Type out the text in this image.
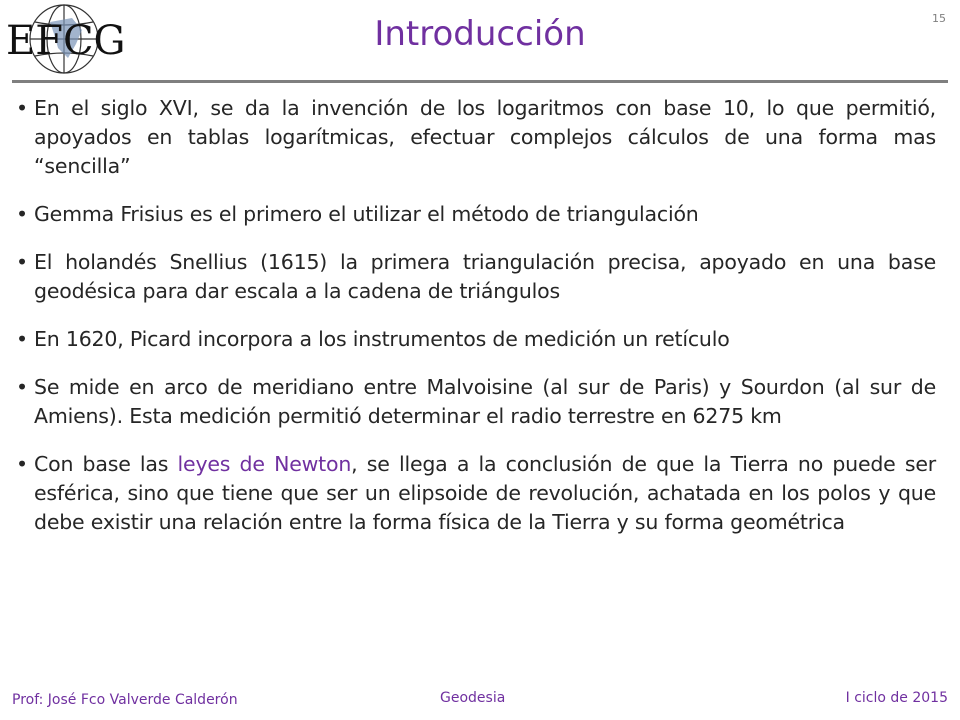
EFCG	Introducción	15
• En el siglo XVI, se da la invención de los logaritmos con base 10, lo que permitió, apoyados en tablas logarítmicas, efectuar complejos cálculos de una forma mas “sencilla”
• Gemma Frisius es el primero el utilizar el método de triangulación
• El holandés Snellius (1615) la primera triangulación precisa, apoyado en una base geodésica para dar escala a la cadena de triángulos
• En 1620, Picard incorpora a los instrumentos de medición un retículo
• Se mide en arco de meridiano entre Malvoisine (al sur de Paris) y Sourdon (al sur de Amiens). Esta medición permitió determinar el radio terrestre en 6275 km
• Con base las leyes de Newton, se llega a la conclusión de que la Tierra no puede ser esférica, sino que tiene que ser un elipsoide de revolución, achatada en los polos y que debe existir una relación entre la forma física de la Tierra y su forma geométrica
Prof: José Fco Valverde Calderón	Geodesia	I ciclo de 2015
